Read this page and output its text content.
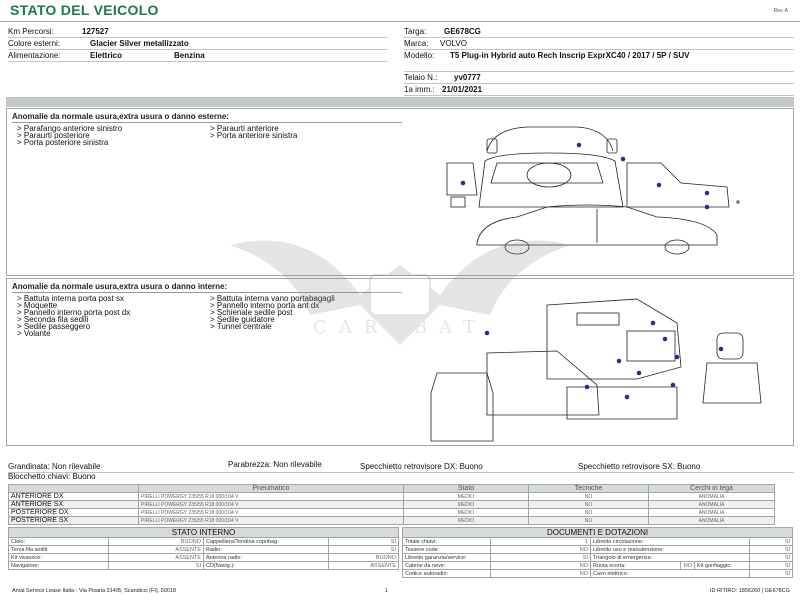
STATO DEL VEICOLO	Rev. A
Km Percorsi:	127527
Colore esterni:	Glacier Silver metallizzato
Alimentazione:	Elettrico	Benzina
Targa: GE678CG
Marca: VOLVO
Modello: T5 Plug-in Hybrid auto Rech Inscrip ExprXC40 / 2017 / 5P / SUV
Telaio N.: yv0777
1a imm.: 21/01/2021
Anomalie da normale usura,extra usura o danno esterne:
> Parafango anteriore sinistro
> Paraurti posteriore
> Porta posteriore sinistra
> Paraurti anteriore
> Porta anteriore sinistra
Anomalie da normale usura,extra usura o danno interne:
> Battuta interna porta post sx
> Moquette
> Pannello interno porta post dx
> Seconda fila sedili
> Sedile passeggero
> Volante
> Battuta interna vano portabagagli
> Pannello interno porta ant dx
> Schienale sedile post
> Sedile guidatore
> Tunnel centrale	CARSBAT
Grandinata: Non rilevabile	Parabrezza: Non rilevabile	Specchietto retrovisore DX: Buono	Specchietto retrovisore SX: Buono
Blocchetto chiavi: Buono
	Pneumatico	Stato	Tecniche	Cerchi in lega
ANTERIORE DX	PIRELLI POWERGY 235/55 R18 000/104 V	MEDIO	NO	ANOMALIA
ANTERIORE SX	PIRELLI POWERGY 235/55 R18 000/104 V	MEDIO	NO	ANOMALIA
POSTERIORE DX	PIRELLI POWERGY 235/55 R18 000/104 V	MEDIO	NO	ANOMALIA
POSTERIORE SX	PIRELLI POWERGY 235/55 R18 000/104 V	MEDIO	NO	ANOMALIA
STATO INTERNO			
Cielo:	BUONO	Cappelliera/Tendina copribag:	SI
Terza fila sedili:	ASSENTE	Radio:	SI
Kit vivavoce:	ASSENTE	Antenna radio:	BUONO
Navigatore:	SI	CD(Navig.):	ASSENTE
DOCUMENTI E DOTAZIONI					
Totale chiavi:	1	Libretto circolazione:			SI
Tessere code:	NO	Libretto uso e manutenzione:			SI
Libretto garanzia/service:	SI	Triangolo di emergenza:			SI
Catene da neve:	NO	Ruota scorta:	NO	Kit gonfiaggio:	SI
Codice autoradio:	NO	Cavo elettrico:			SI
Arval Service Lease Italia - Via Pisana 314/B, Scandicci (FI), 50018	1	ID RITIRO: 1856260 | GE678CG
